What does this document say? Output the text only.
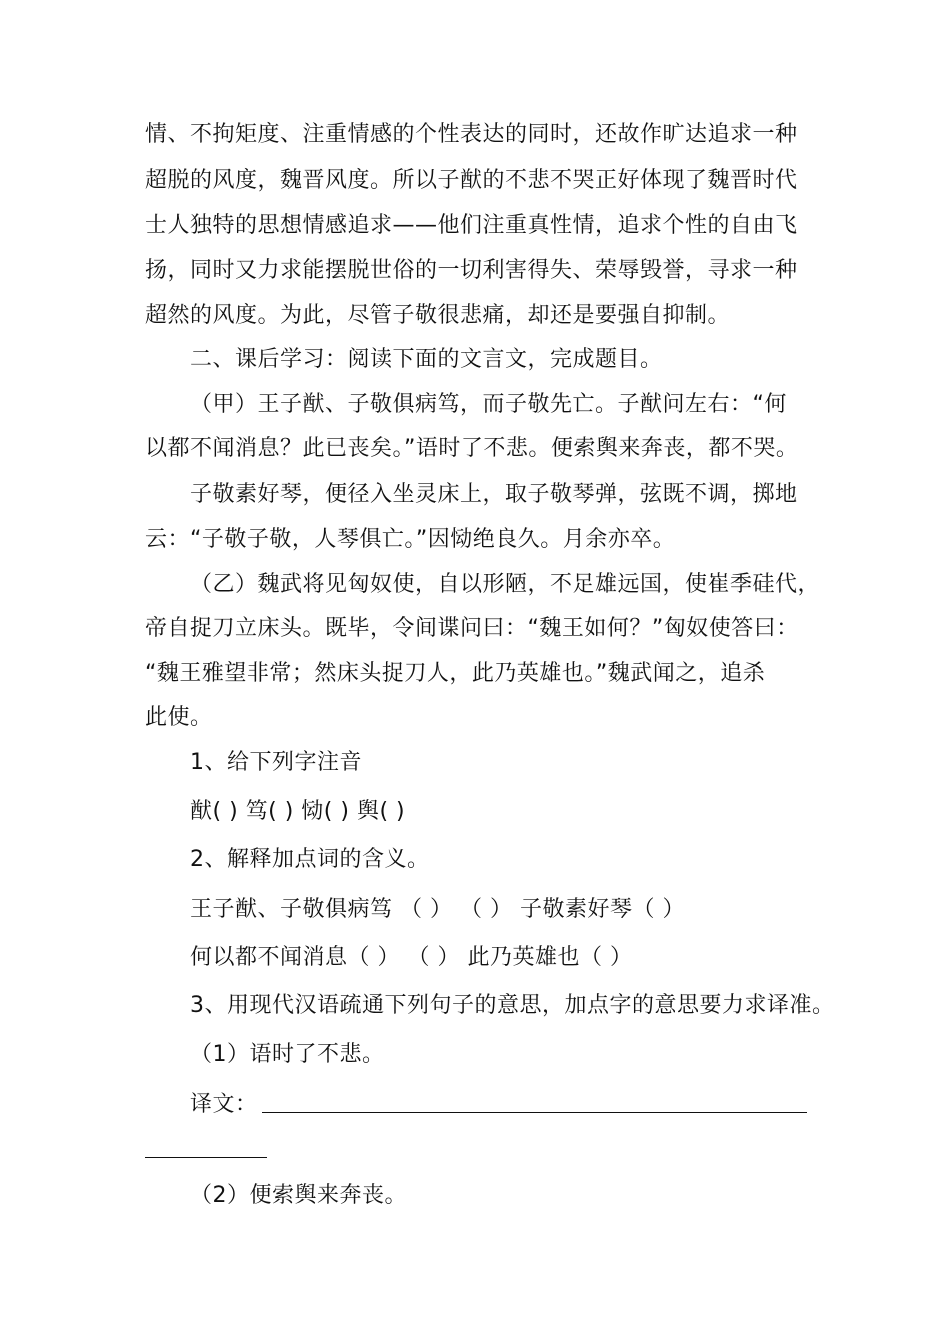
情、不拘矩度、注重情感的个性表达的同时，还故作旷达追求一种

超脱的风度，魏晋风度。所以子猷的不悲不哭正好体现了魏晋时代

士人独特的思想情感追求——他们注重真性情，追求个性的自由飞

扬，同时又力求能摆脱世俗的一切利害得失、荣辱毁誉，寻求一种

超然的风度。为此，尽管子敬很悲痛，却还是要强自抑制。

二、课后学习：阅读下面的文言文，完成题目。

（甲）王子猷、子敬俱病笃，而子敬先亡。子猷问左右：“何

以都不闻消息？此已丧矣。”语时了不悲。便索舆来奔丧，都不哭。

子敬素好琴，便径入坐灵床上，取子敬琴弹，弦既不调，掷地

云：“子敬子敬，人琴俱亡。”因恸绝良久。月余亦卒。

（乙）魏武将见匈奴使，自以形陋，不足雄远国，使崔季硅代，

帝自捉刀立床头。既毕，令间谍问曰：“魏王如何？”匈奴使答曰：

“魏王雅望非常；然床头捉刀人，此乃英雄也。”魏武闻之，追杀

此使。

1、给下列字注音

猷( ) 笃( ) 恸( ) 舆( )

2、解释加点词的含义。

王子猷、子敬俱病笃 （ ） （ ） 子敬素好琴（ ）

何以都不闻消息（ ） （ ） 此乃英雄也（ ）

3、用现代汉语疏通下列句子的意思，加点字的意思要力求译准。

（1）语时了不悲。

译文：

（2）便索舆来奔丧。
